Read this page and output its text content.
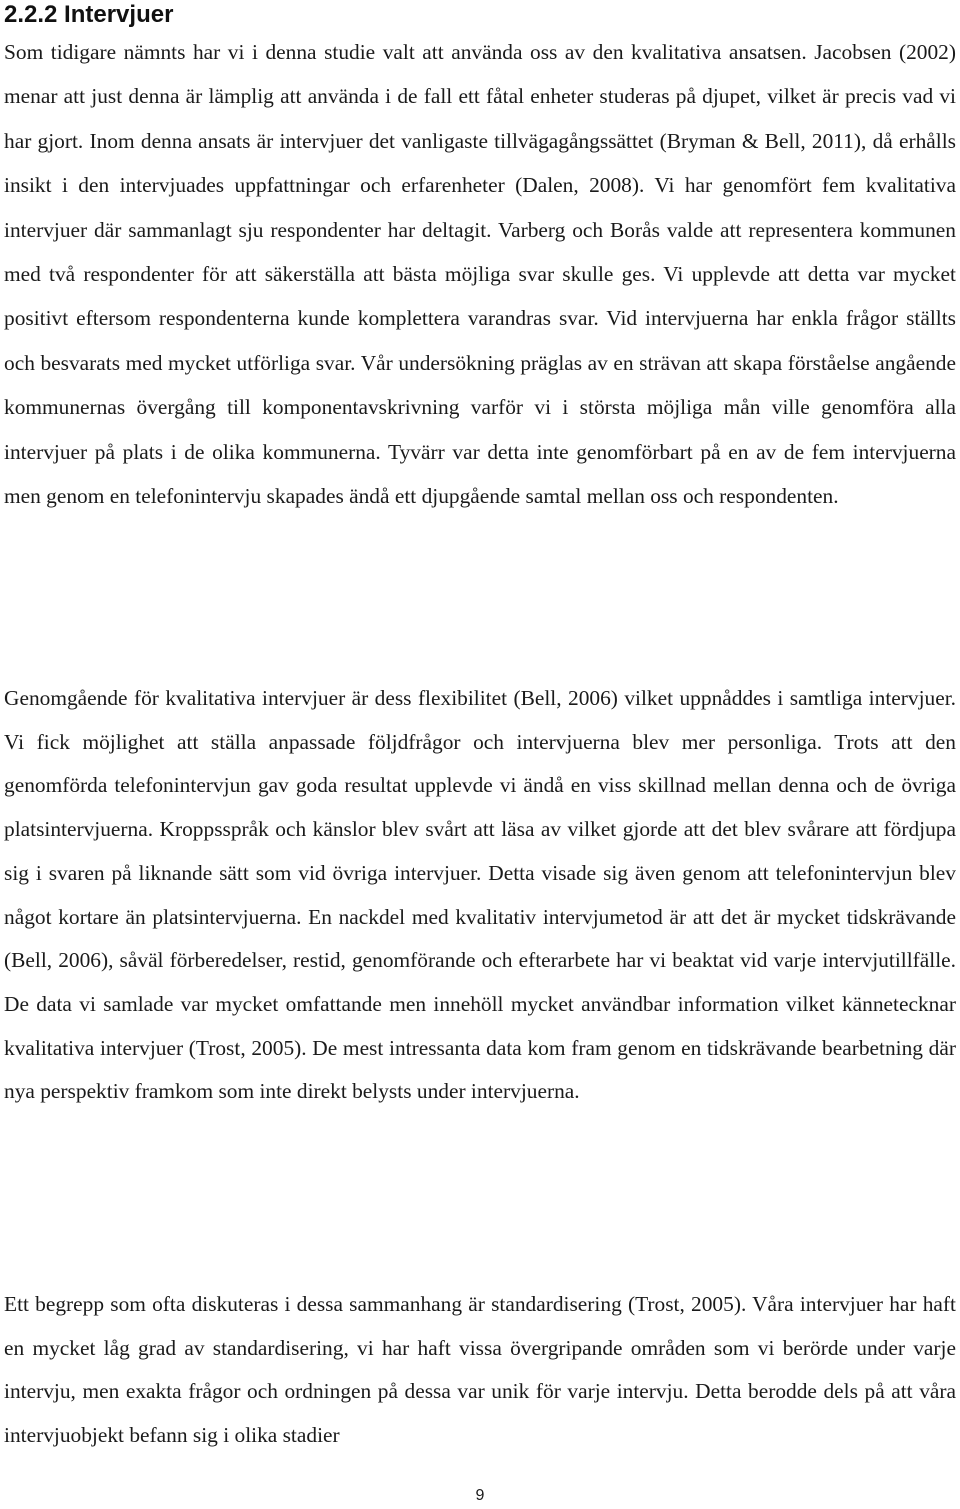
2.2.2 Intervjuer

Som tidigare nämnts har vi i denna studie valt att använda oss av den kvalitativa ansatsen. Jacobsen (2002) menar att just denna är lämplig att använda i de fall ett fåtal enheter studeras på djupet, vilket är precis vad vi har gjort. Inom denna ansats är intervjuer det vanligaste tillvägagångssättet (Bryman & Bell, 2011), då erhålls insikt i den intervjuades uppfattningar och erfarenheter (Dalen, 2008). Vi har genomfört fem kvalitativa intervjuer där sammanlagt sju respondenter har deltagit. Varberg och Borås valde att representera kommunen med två respondenter för att säkerställa att bästa möjliga svar skulle ges. Vi upplevde att detta var mycket positivt eftersom respondenterna kunde komplettera varandras svar. Vid intervjuerna har enkla frågor ställts och besvarats med mycket utförliga svar. Vår undersökning präglas av en strävan att skapa förståelse angående kommunernas övergång till komponentavskrivning varför vi i största möjliga mån ville genomföra alla intervjuer på plats i de olika kommunerna. Tyvärr var detta inte genomförbart på en av de fem intervjuerna men genom en telefonintervju skapades ändå ett djupgående samtal mellan oss och respondenten.

Genomgående för kvalitativa intervjuer är dess flexibilitet (Bell, 2006) vilket uppnåddes i samtliga intervjuer. Vi fick möjlighet att ställa anpassade följdfrågor och intervjuerna blev mer personliga. Trots att den genomförda telefonintervjun gav goda resultat upplevde vi ändå en viss skillnad mellan denna och de övriga platsintervjuerna. Kroppsspråk och känslor blev svårt att läsa av vilket gjorde att det blev svårare att fördjupa sig i svaren på liknande sätt som vid övriga intervjuer. Detta visade sig även genom att telefonintervjun blev något kortare än platsintervjuerna. En nackdel med kvalitativ intervjumetod är att det är mycket tidskrävande (Bell, 2006), såväl förberedelser, restid, genomförande och efterarbete har vi beaktat vid varje intervjutillfälle. De data vi samlade var mycket omfattande men innehöll mycket användbar information vilket kännetecknar kvalitativa intervjuer (Trost, 2005). De mest intressanta data kom fram genom en tidskrävande bearbetning där nya perspektiv framkom som inte direkt belysts under intervjuerna.

Ett begrepp som ofta diskuteras i dessa sammanhang är standardisering (Trost, 2005). Våra intervjuer har haft en mycket låg grad av standardisering, vi har haft vissa övergripande områden som vi berörde under varje intervju, men exakta frågor och ordningen på dessa var unik för varje intervju. Detta berodde dels på att våra intervjuobjekt befann sig i olika stadier

9
